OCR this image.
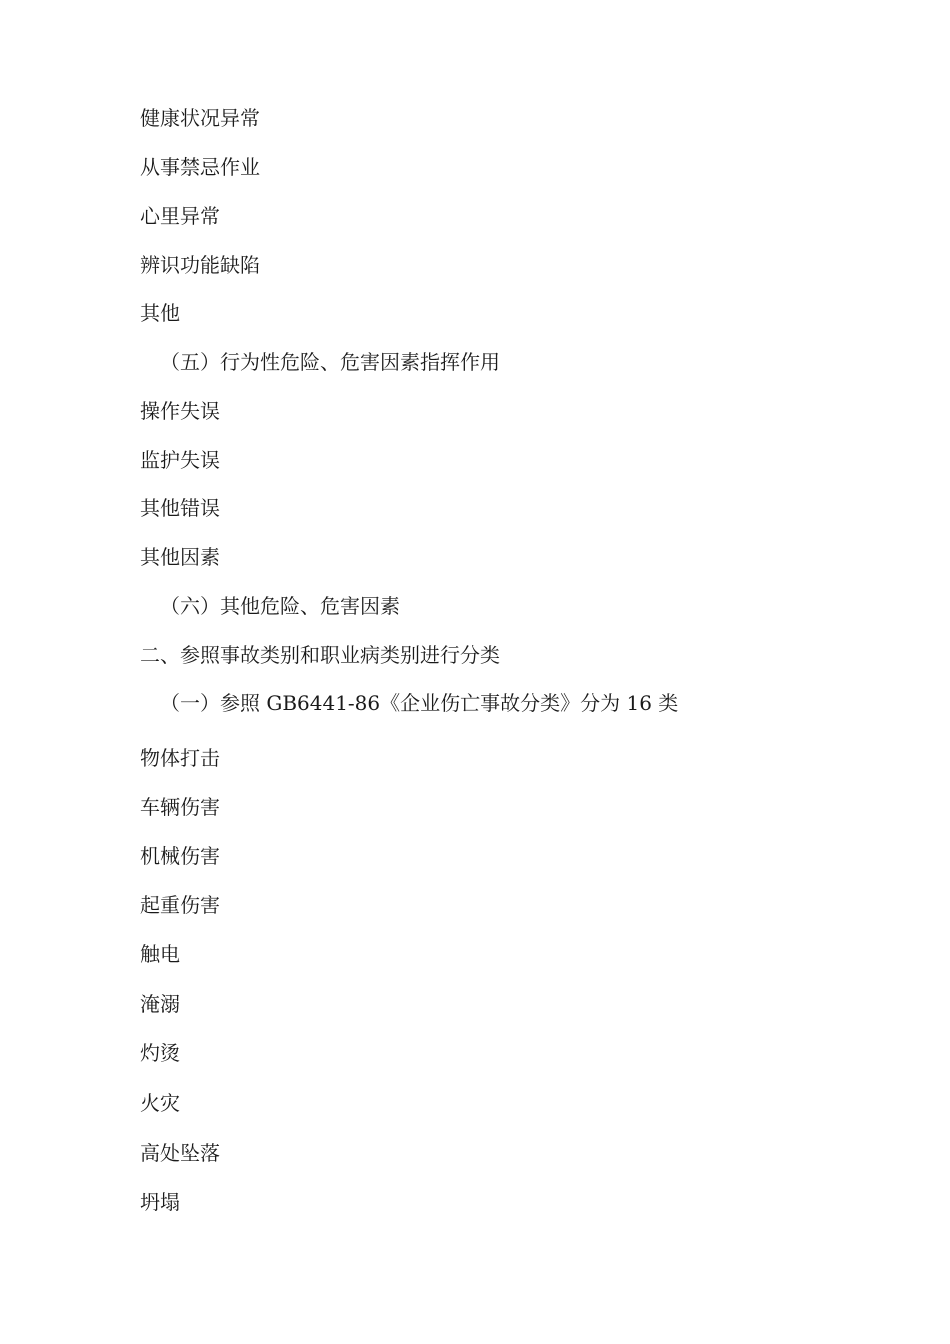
健康状况异常
从事禁忌作业
心里异常
辨识功能缺陷
其他
（五）行为性危险、危害因素指挥作用
操作失误
监护失误
其他错误
其他因素
（六）其他危险、危害因素
二、参照事故类别和职业病类别进行分类
（一）参照 GB6441-86《企业伤亡事故分类》分为 16 类
物体打击
车辆伤害
机械伤害
起重伤害
触电
淹溺
灼烫
火灾
高处坠落
坍塌
